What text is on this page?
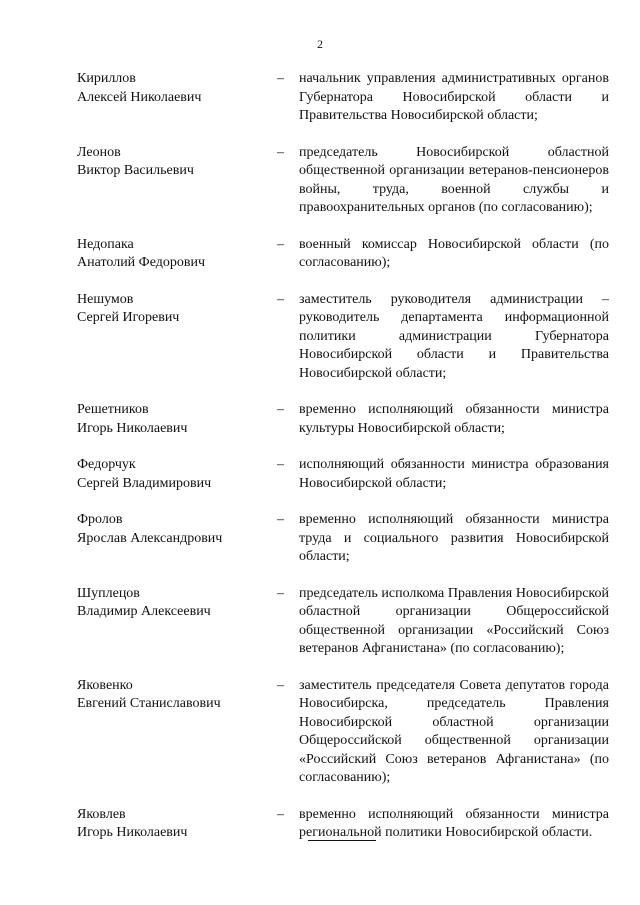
2
Кириллов
Алексей Николаевич
–	начальник управления административных органов Губернатора Новосибирской области и Правительства Новосибирской области;
Леонов
Виктор Васильевич
–	председатель Новосибирской областной общественной организации ветеранов-пенсионеров войны, труда, военной службы и правоохранительных органов (по согласованию);
Недопака
Анатолий Федорович
–	военный комиссар Новосибирской области (по согласованию);
Нешумов
Сергей Игоревич
–	заместитель руководителя администрации – руководитель департамента информационной политики администрации Губернатора Новосибирской области и Правительства Новосибирской области;
Решетников
Игорь Николаевич
–	временно исполняющий обязанности министра культуры Новосибирской области;
Федорчук
Сергей Владимирович
–	исполняющий обязанности министра образования Новосибирской области;
Фролов
Ярослав Александрович
–	временно исполняющий обязанности министра труда и социального развития Новосибирской области;
Шуплецов
Владимир Алексеевич
–	председатель исполкома Правления Новосибирской областной организации Общероссийской общественной организации «Российский Союз ветеранов Афганистана» (по согласованию);
Яковенко
Евгений Станиславович
–	заместитель председателя Совета депутатов города Новосибирска, председатель Правления Новосибирской областной организации Общероссийской общественной организации «Российский Союз ветеранов Афганистана» (по согласованию);
Яковлев
Игорь Николаевич
–	временно исполняющий обязанности министра региональной политики Новосибирской области.
